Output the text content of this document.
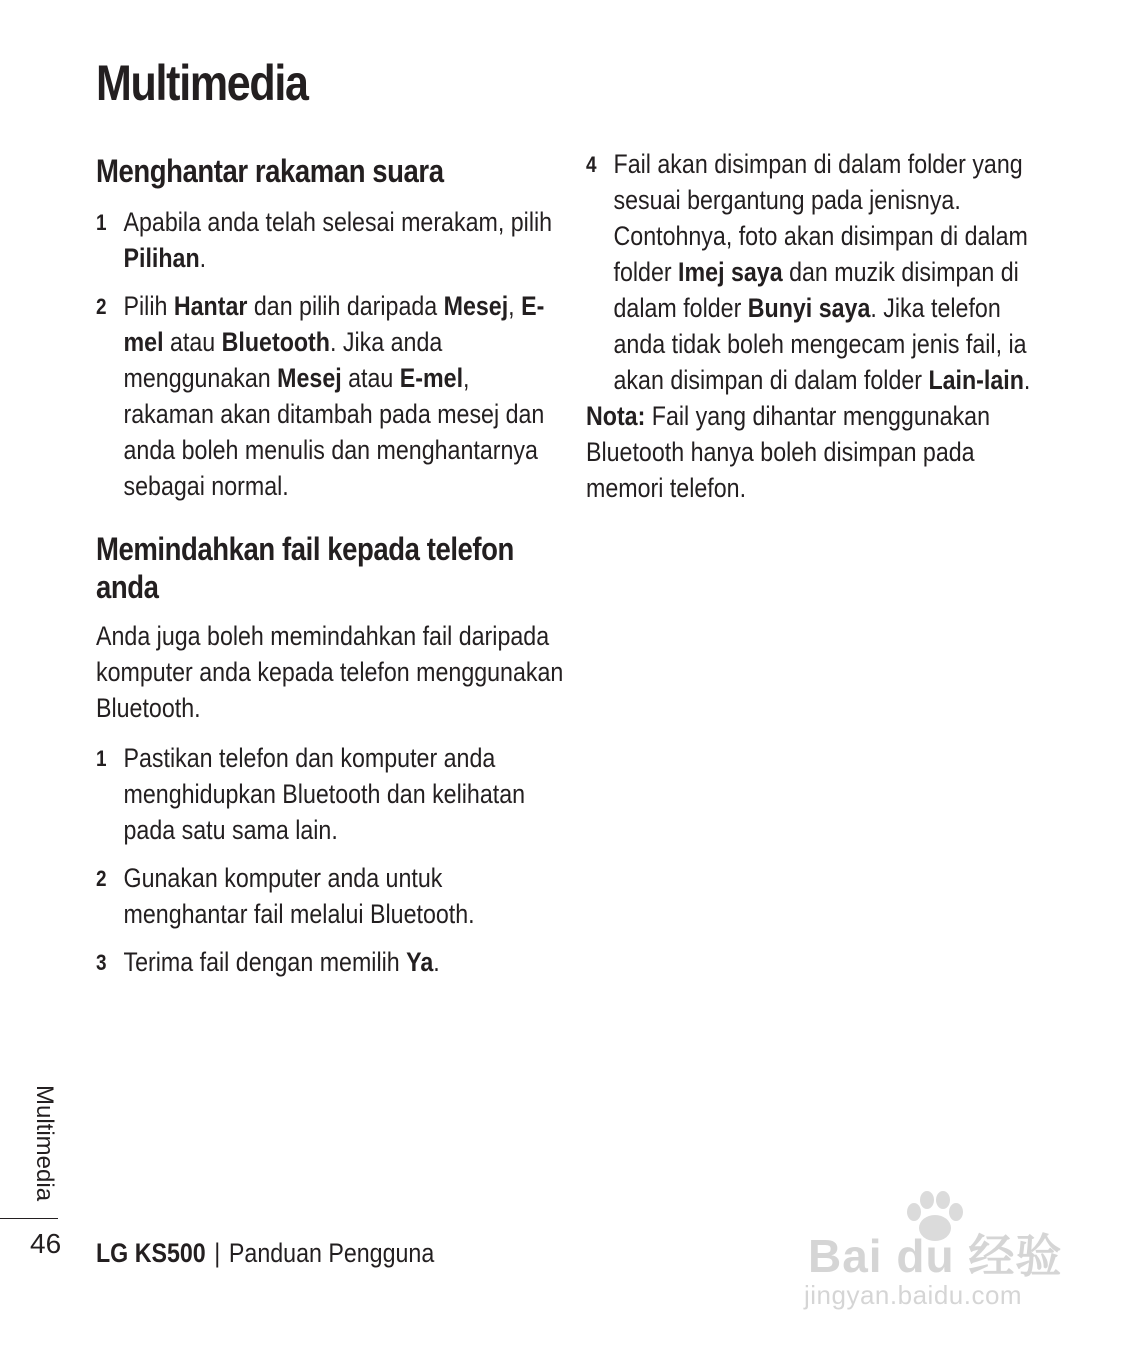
Multimedia
Menghantar rakaman suara
1 Apabila anda telah selesai merakam, pilih Pilihan.

2 Pilih Hantar dan pilih daripada Mesej, E-mel atau Bluetooth. Jika anda menggunakan Mesej atau E-mel, rakaman akan ditambah pada mesej dan anda boleh menulis dan menghantarnya sebagai normal.

Memindahkan fail kepada telefon anda

Anda juga boleh memindahkan fail daripada komputer anda kepada telefon menggunakan Bluetooth.

1 Pastikan telefon dan komputer anda menghidupkan Bluetooth dan kelihatan pada satu sama lain.

2 Gunakan komputer anda untuk menghantar fail melalui Bluetooth.

3 Terima fail dengan memilih Ya.

4 Fail akan disimpan di dalam folder yang sesuai bergantung pada jenisnya. Contohnya, foto akan disimpan di dalam folder Imej saya dan muzik disimpan di dalam folder Bunyi saya. Jika telefon anda tidak boleh mengecam jenis fail, ia akan disimpan di dalam folder Lain-lain.

Nota: Fail yang dihantar menggunakan Bluetooth hanya boleh disimpan pada memori telefon.

Multimedia
46 LG KS500 | Panduan Pengguna	Bai du 经验
jingyan.baidu.com
